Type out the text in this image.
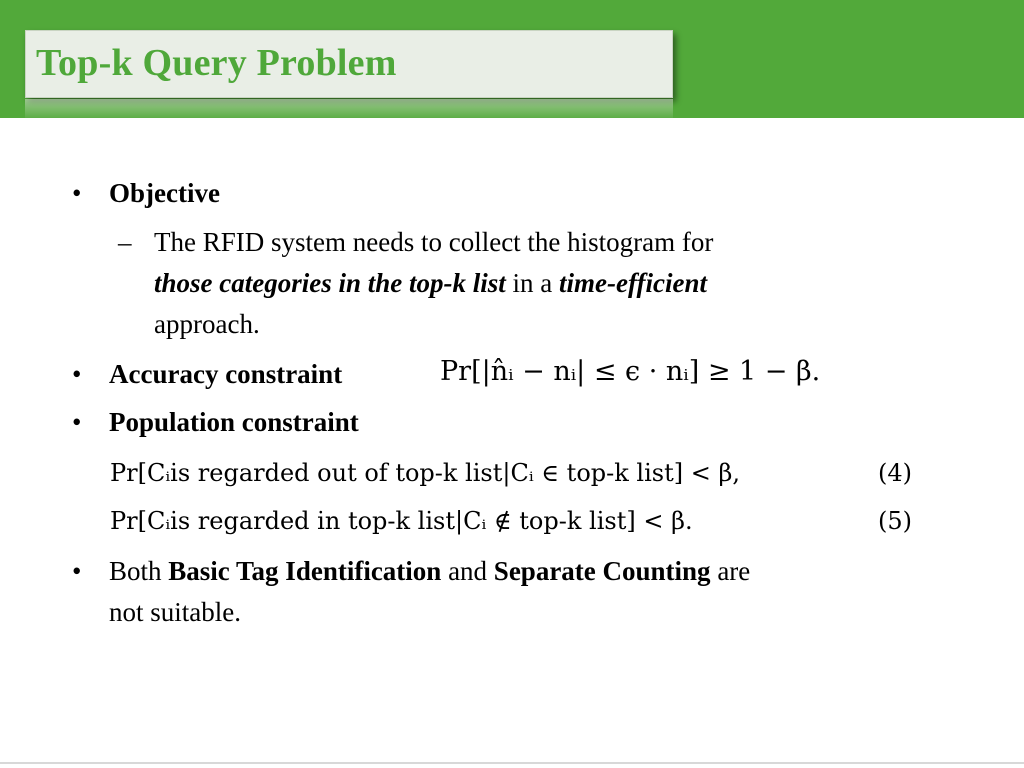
Top-k Query Problem
•	Objective
– The RFID system needs to collect the histogram for
those categories in the top-k list in a time-efficient
approach.
•	Accuracy constraint	Pr[|n̂ᵢ − nᵢ| ≤ ϵ · nᵢ] ≥ 1 − β.
•	Population constraint
Pr[Cᵢis regarded out of top-k list|Cᵢ ∈ top-k list] < β,	(4)
Pr[Cᵢis regarded in top-k list|Cᵢ ∉ top-k list] < β.	(5)
•	Both Basic Tag Identification and Separate Counting are
not suitable.
